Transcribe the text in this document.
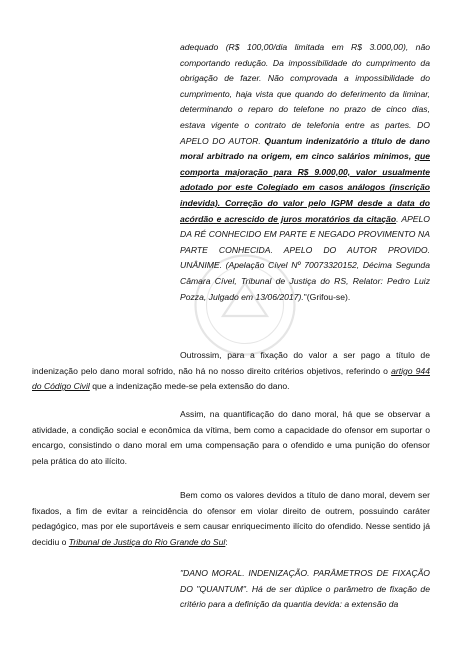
adequado (R$ 100,00/dia limitada em R$ 3.000,00), não comportando redução. Da impossibilidade do cumprimento da obrigação de fazer. Não comprovada a impossibilidade do cumprimento, haja vista que quando do deferimento da liminar, determinando o reparo do telefone no prazo de cinco dias, estava vigente o contrato de telefonia entre as partes. DO APELO DO AUTOR. Quantum indenizatório a título de dano moral arbitrado na origem, em cinco salários mínimos, que comporta majoração para R$ 9.000,00, valor usualmente adotado por este Colegiado em casos análogos (inscrição indevida). Correção do valor pelo IGPM desde a data do acórdão e acrescido de juros moratórios da citação. APELO DA RÉ CONHECIDO EM PARTE E NEGADO PROVIMENTO NA PARTE CONHECIDA. APELO DO AUTOR PROVIDO. UNÂNIME. (Apelação Cível Nº 70073320152, Décima Segunda Câmara Cível, Tribunal de Justiça do RS, Relator: Pedro Luiz Pozza, Julgado em 13/06/2017)."(Grifou-se).

Outrossim, para a fixação do valor a ser pago a título de indenização pelo dano moral sofrido, não há no nosso direito critérios objetivos, referindo o artigo 944 do Código Civil que a indenização mede-se pela extensão do dano.

Assim, na quantificação do dano moral, há que se observar a atividade, a condição social e econômica da vítima, bem como a capacidade do ofensor em suportar o encargo, consistindo o dano moral em uma compensação para o ofendido e uma punição do ofensor pela prática do ato ilícito.

Bem como os valores devidos a título de dano moral, devem ser fixados, a fim de evitar a reincidência do ofensor em violar direito de outrem, possuindo caráter pedagógico, mas por ele suportáveis e sem causar enriquecimento ilícito do ofendido. Nesse sentido já decidiu o Tribunal de Justiça do Rio Grande do Sul:

"DANO MORAL. INDENIZAÇÃO. PARÂMETROS DE FIXAÇÃO DO "QUANTUM". Há de ser dúplice o parâmetro de fixação de critério para a definição da quantia devida: a extensão da
